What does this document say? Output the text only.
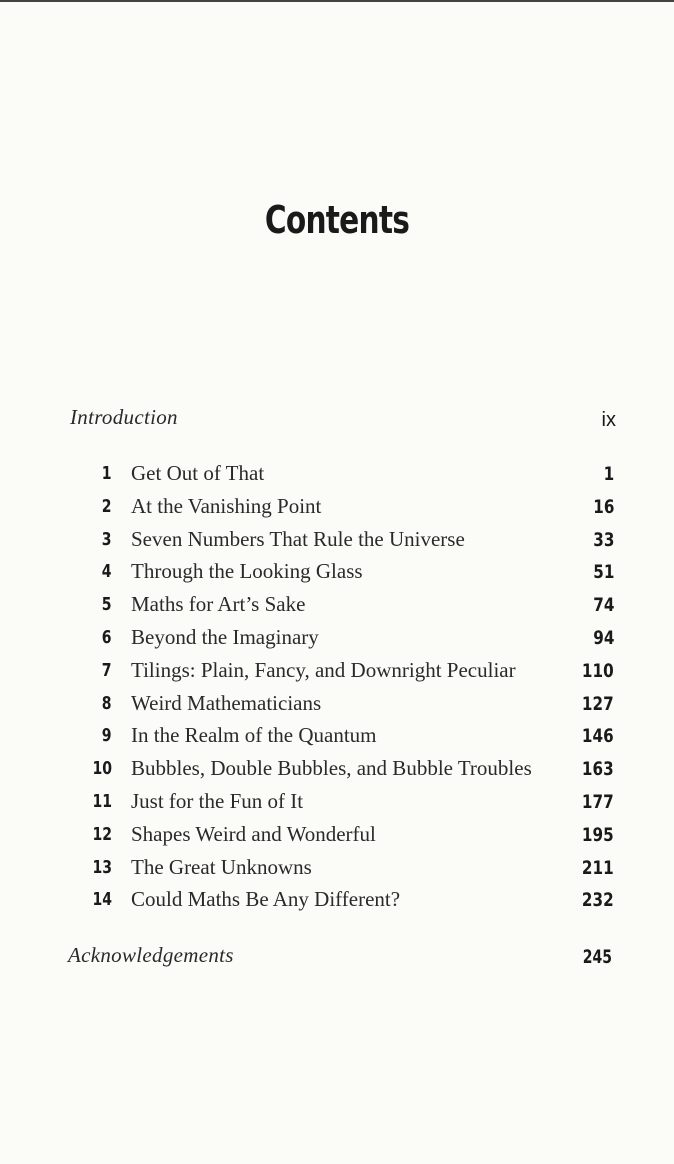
Contents
Introduction	ix
1 Get Out of That	1
2 At the Vanishing Point	16
3 Seven Numbers That Rule the Universe	33
4 Through the Looking Glass	51
5 Maths for Art’s Sake	74
6 Beyond the Imaginary	94
7 Tilings: Plain, Fancy, and Downright Peculiar	110
8 Weird Mathematicians	127
9 In the Realm of the Quantum	146
10 Bubbles, Double Bubbles, and Bubble Troubles	163
11 Just for the Fun of It	177
12 Shapes Weird and Wonderful	195
13 The Great Unknowns	211
14 Could Maths Be Any Different?	232
Acknowledgements	245
